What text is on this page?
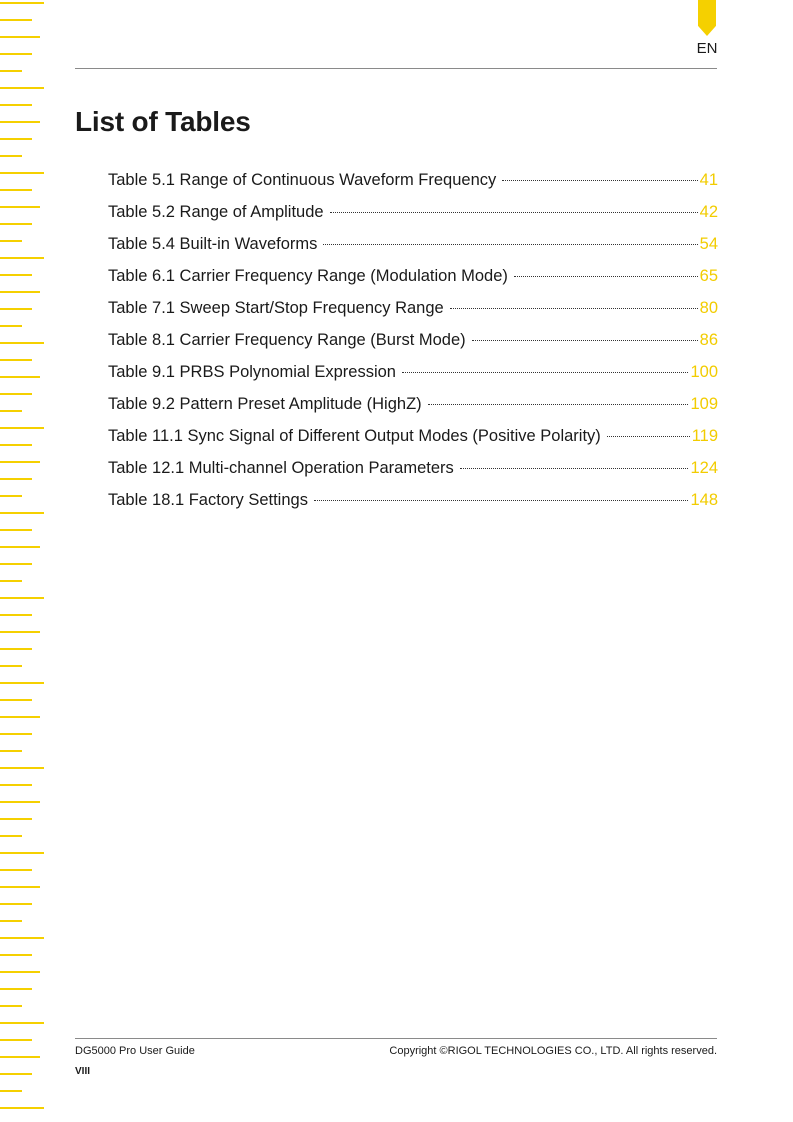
EN
List of Tables
Table 5.1 Range of Continuous Waveform Frequency	41
Table 5.2 Range of Amplitude	42
Table 5.4 Built-in Waveforms	54
Table 6.1 Carrier Frequency Range (Modulation Mode)	65
Table 7.1 Sweep Start/Stop Frequency Range	80
Table 8.1 Carrier Frequency Range (Burst Mode)	86
Table 9.1 PRBS Polynomial Expression	100
Table 9.2 Pattern Preset Amplitude (HighZ)	109
Table 11.1 Sync Signal of Different Output Modes (Positive Polarity)	119
Table 12.1 Multi-channel Operation Parameters	124
Table 18.1 Factory Settings	148
DG5000 Pro User Guide	Copyright ©RIGOL TECHNOLOGIES CO., LTD. All rights reserved.
VIII
